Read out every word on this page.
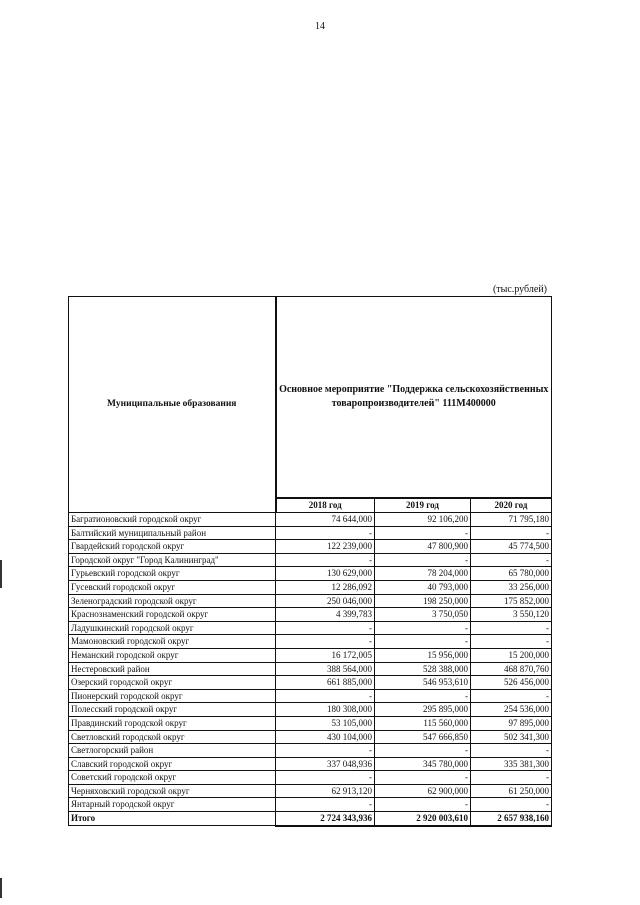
14
(тыс.рублей)
Муниципальные образования	Основное мероприятие "Поддержка сельскохозяйственных товаропроизводителей" 111М400000		
	2018 год	2019 год	2020 год
Багратионовский городской округ	74 644,000	92 106,200	71 795,180
Балтийский муниципальный район	-	-	-
Гвардейский городской округ	122 239,000	47 800,900	45 774,500
Городской округ "Город Калининград"	-	-	-
Гурьевский городской округ	130 629,000	78 204,000	65 780,000
Гусевский городской округ	12 286,092	40 793,000	33 256,000
Зеленоградский городской округ	250 046,000	198 250,000	175 852,000
Краснознаменский городской округ	4 399,783	3 750,050	3 550,120
Ладушкинский городской округ	-	-	-
Мамоновский городской округ	-	-	-
Неманский городской округ	16 172,005	15 956,000	15 200,000
Нестеровский район	388 564,000	528 388,000	468 870,760
Озерский городской округ	661 885,000	546 953,610	526 456,000
Пионерский городской округ	-	-	-
Полесский городской округ	180 308,000	295 895,000	254 536,000
Правдинский городской округ	53 105,000	115 560,000	97 895,000
Светловский городской округ	430 104,000	547 666,850	502 341,300
Светлогорский район	-	-	-
Славский городской округ	337 048,936	345 780,000	335 381,300
Советский городской округ	-	-	-
Черняховский городской округ	62 913,120	62 900,000	61 250,000
Янтарный городской округ	-	-	-
Итого	2 724 343,936	2 920 003,610	2 657 938,160
